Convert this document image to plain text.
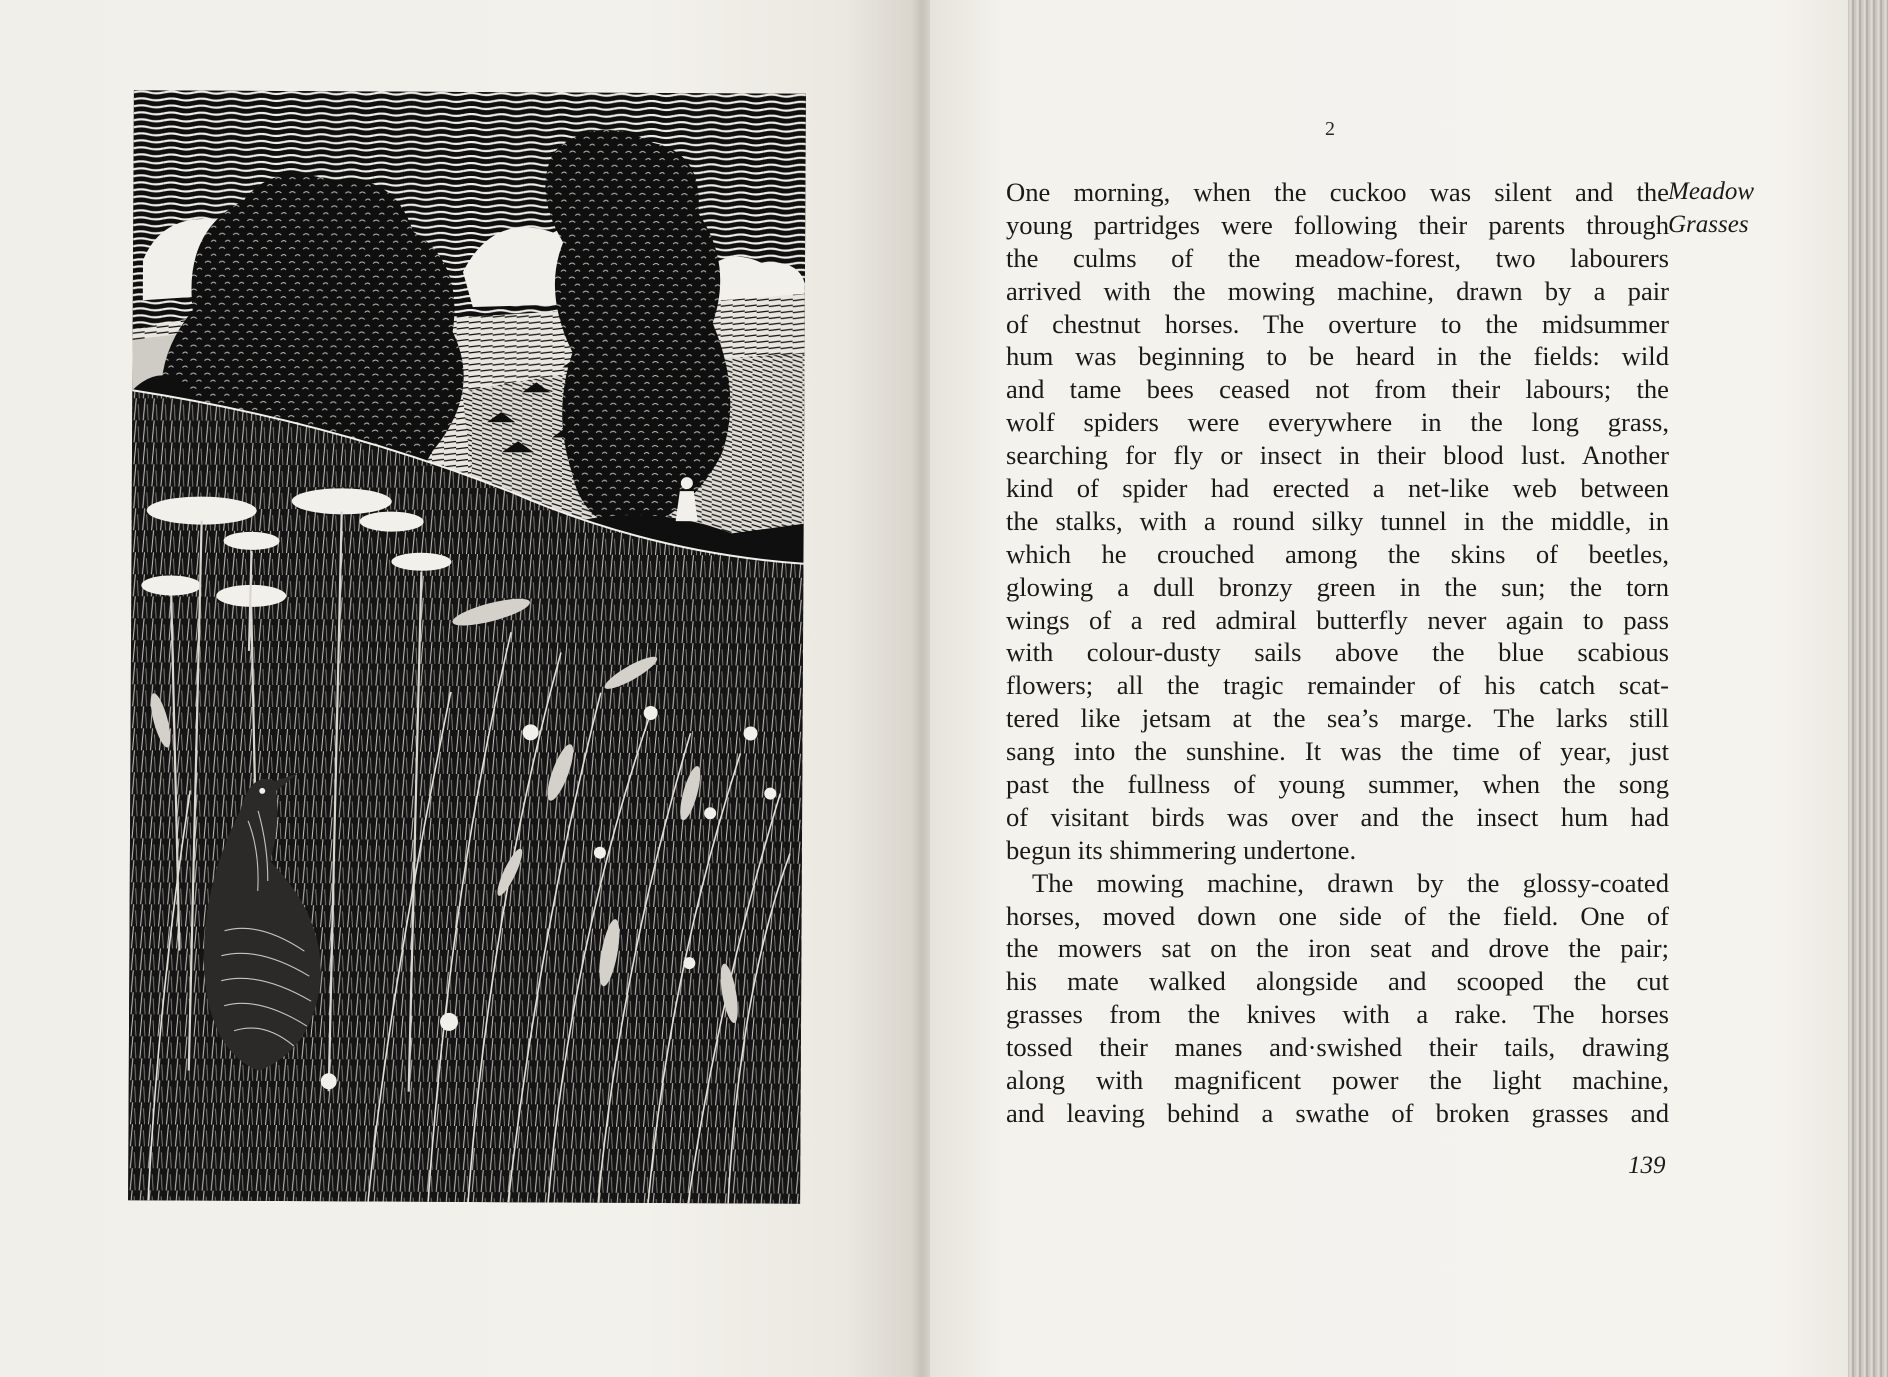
2
Meadow
Grasses
One morning, when the cuckoo was silent and the
young partridges were following their parents through
the culms of the meadow-forest, two labourers
arrived with the mowing machine, drawn by a pair
of chestnut horses. The overture to the midsummer
hum was beginning to be heard in the fields: wild
and tame bees ceased not from their labours; the
wolf spiders were everywhere in the long grass,
searching for fly or insect in their blood lust. Another
kind of spider had erected a net-like web between
the stalks, with a round silky tunnel in the middle, in
which he crouched among the skins of beetles,
glowing a dull bronzy green in the sun; the torn
wings of a red admiral butterfly never again to pass
with colour-dusty sails above the blue scabious
flowers; all the tragic remainder of his catch scat-
tered like jetsam at the sea’s marge. The larks still
sang into the sunshine. It was the time of year, just
past the fullness of young summer, when the song
of visitant birds was over and the insect hum had
begun its shimmering undertone.
The mowing machine, drawn by the glossy-coated
horses, moved down one side of the field. One of
the mowers sat on the iron seat and drove the pair;
his mate walked alongside and scooped the cut
grasses from the knives with a rake. The horses
tossed their manes and·swished their tails, drawing
along with magnificent power the light machine,
and leaving behind a swathe of broken grasses and
139
